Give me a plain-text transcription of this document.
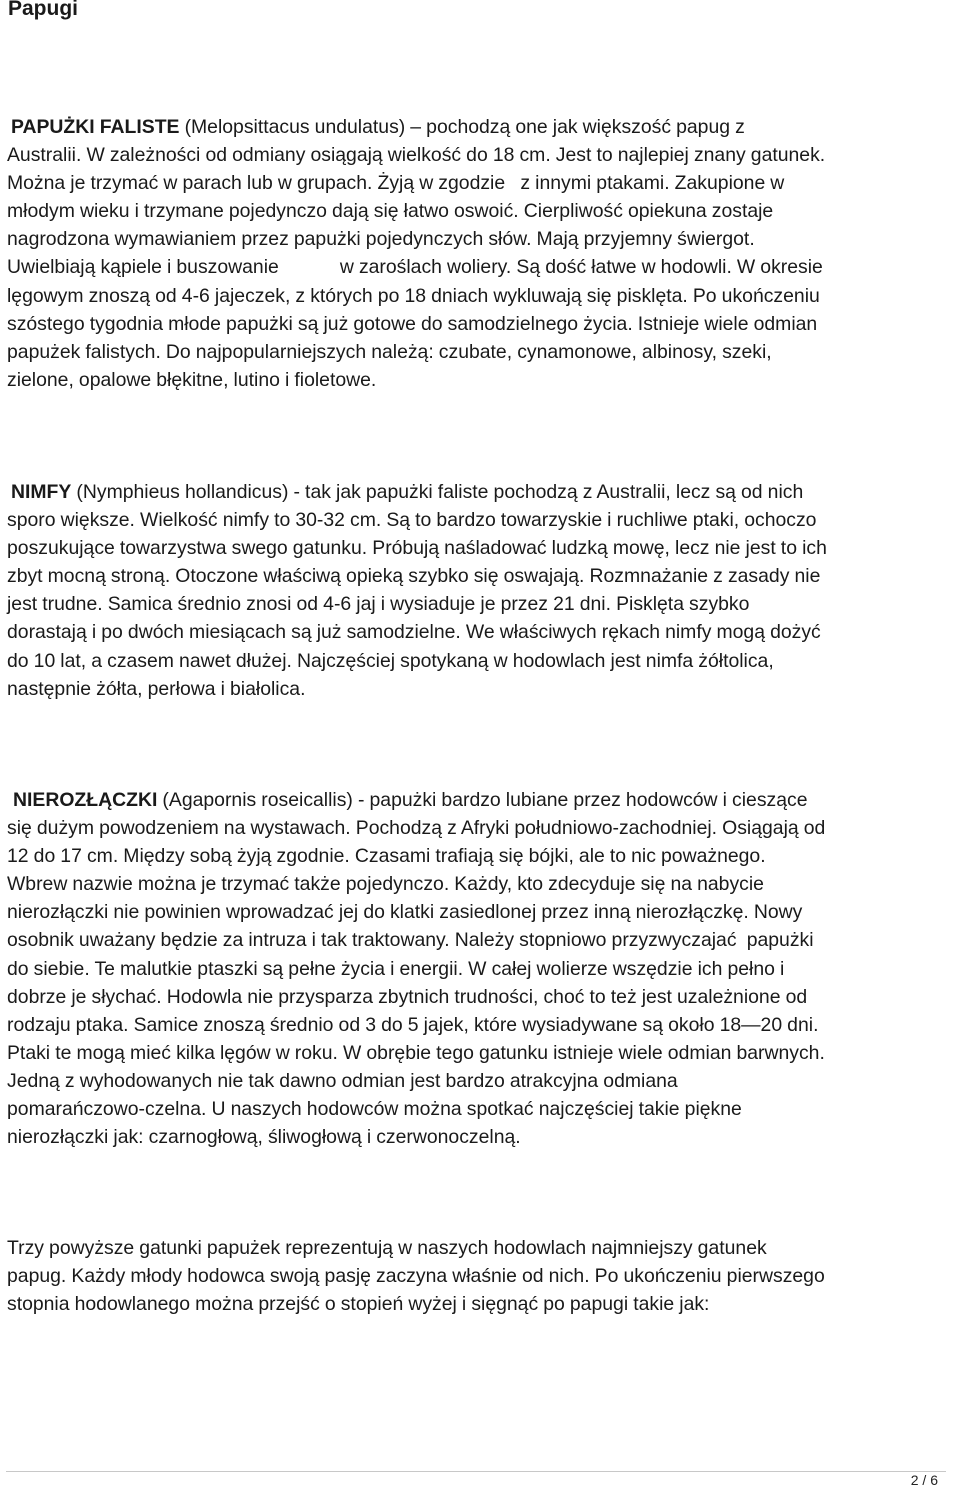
Papugi
PAPUŻKI FALISTE (Melopsittacus undulatus) – pochodzą one jak większość papug z
Australii. W zależności od odmiany osiągają wielkość do 18 cm. Jest to najlepiej znany gatunek.
Można je trzymać w parach lub w grupach. Żyją w zgodzie   z innymi ptakami. Zakupione w
młodym wieku i trzymane pojedynczo dają się łatwo oswoić. Cierpliwość opiekuna zostaje
nagrodzona wymawianiem przez papużki pojedynczych słów. Mają przyjemny świergot.
Uwielbiają kąpiele i buszowanie            w zaroślach woliery. Są dość łatwe w hodowli. W okresie
lęgowym znoszą od 4-6 jajeczek, z których po 18 dniach wykluwają się pisklęta. Po ukończeniu
szóstego tygodnia młode papużki są już gotowe do samodzielnego życia. Istnieje wiele odmian
papużek falistych. Do najpopularniejszych należą: czubate, cynamonowe, albinosy, szeki,
zielone, opalowe błękitne, lutino i fioletowe.
NIMFY (Nymphieus hollandicus) - tak jak papużki faliste pochodzą z Australii, lecz są od nich
sporo większe. Wielkość nimfy to 30-32 cm. Są to bardzo towarzyskie i ruchliwe ptaki, ochoczo
poszukujące towarzystwa swego gatunku. Próbują naśladować ludzką mowę, lecz nie jest to ich
zbyt mocną stroną. Otoczone właściwą opieką szybko się oswajają. Rozmnażanie z zasady nie
jest trudne. Samica średnio znosi od 4-6 jaj i wysiaduje je przez 21 dni. Pisklęta szybko
dorastają i po dwóch miesiącach są już samodzielne. We właściwych rękach nimfy mogą dożyć
do 10 lat, a czasem nawet dłużej. Najczęściej spotykaną w hodowlach jest nimfa żółtolica,
następnie żółta, perłowa i białolica.
NIEROZŁĄCZKI (Agapornis roseicallis) - papużki bardzo lubiane przez hodowców i cieszące
się dużym powodzeniem na wystawach. Pochodzą z Afryki południowo-zachodniej. Osiągają od
12 do 17 cm. Między sobą żyją zgodnie. Czasami trafiają się bójki, ale to nic poważnego.
Wbrew nazwie można je trzymać także pojedynczo. Każdy, kto zdecyduje się na nabycie
nierozłączki nie powinien wprowadzać jej do klatki zasiedlonej przez inną nierozłączkę. Nowy
osobnik uważany będzie za intruza i tak traktowany. Należy stopniowo przyzwyczajać  papużki
do siebie. Te malutkie ptaszki są pełne życia i energii. W całej wolierze wszędzie ich pełno i
dobrze je słychać. Hodowla nie przysparza zbytnich trudności, choć to też jest uzależnione od
rodzaju ptaka. Samice znoszą średnio od 3 do 5 jajek, które wysiadywane są około 18—20 dni.
Ptaki te mogą mieć kilka lęgów w roku. W obrębie tego gatunku istnieje wiele odmian barwnych.
Jedną z wyhodowanych nie tak dawno odmian jest bardzo atrakcyjna odmiana
pomarańczowo-czelna. U naszych hodowców można spotkać najczęściej takie piękne
nierozłączki jak: czarnogłową, śliwogłową i czerwonoczelną.
Trzy powyższe gatunki papużek reprezentują w naszych hodowlach najmniejszy gatunek
papug. Każdy młody hodowca swoją pasję zaczyna właśnie od nich. Po ukończeniu pierwszego
stopnia hodowlanego można przejść o stopień wyżej i sięgnąć po papugi takie jak:
2 / 6
